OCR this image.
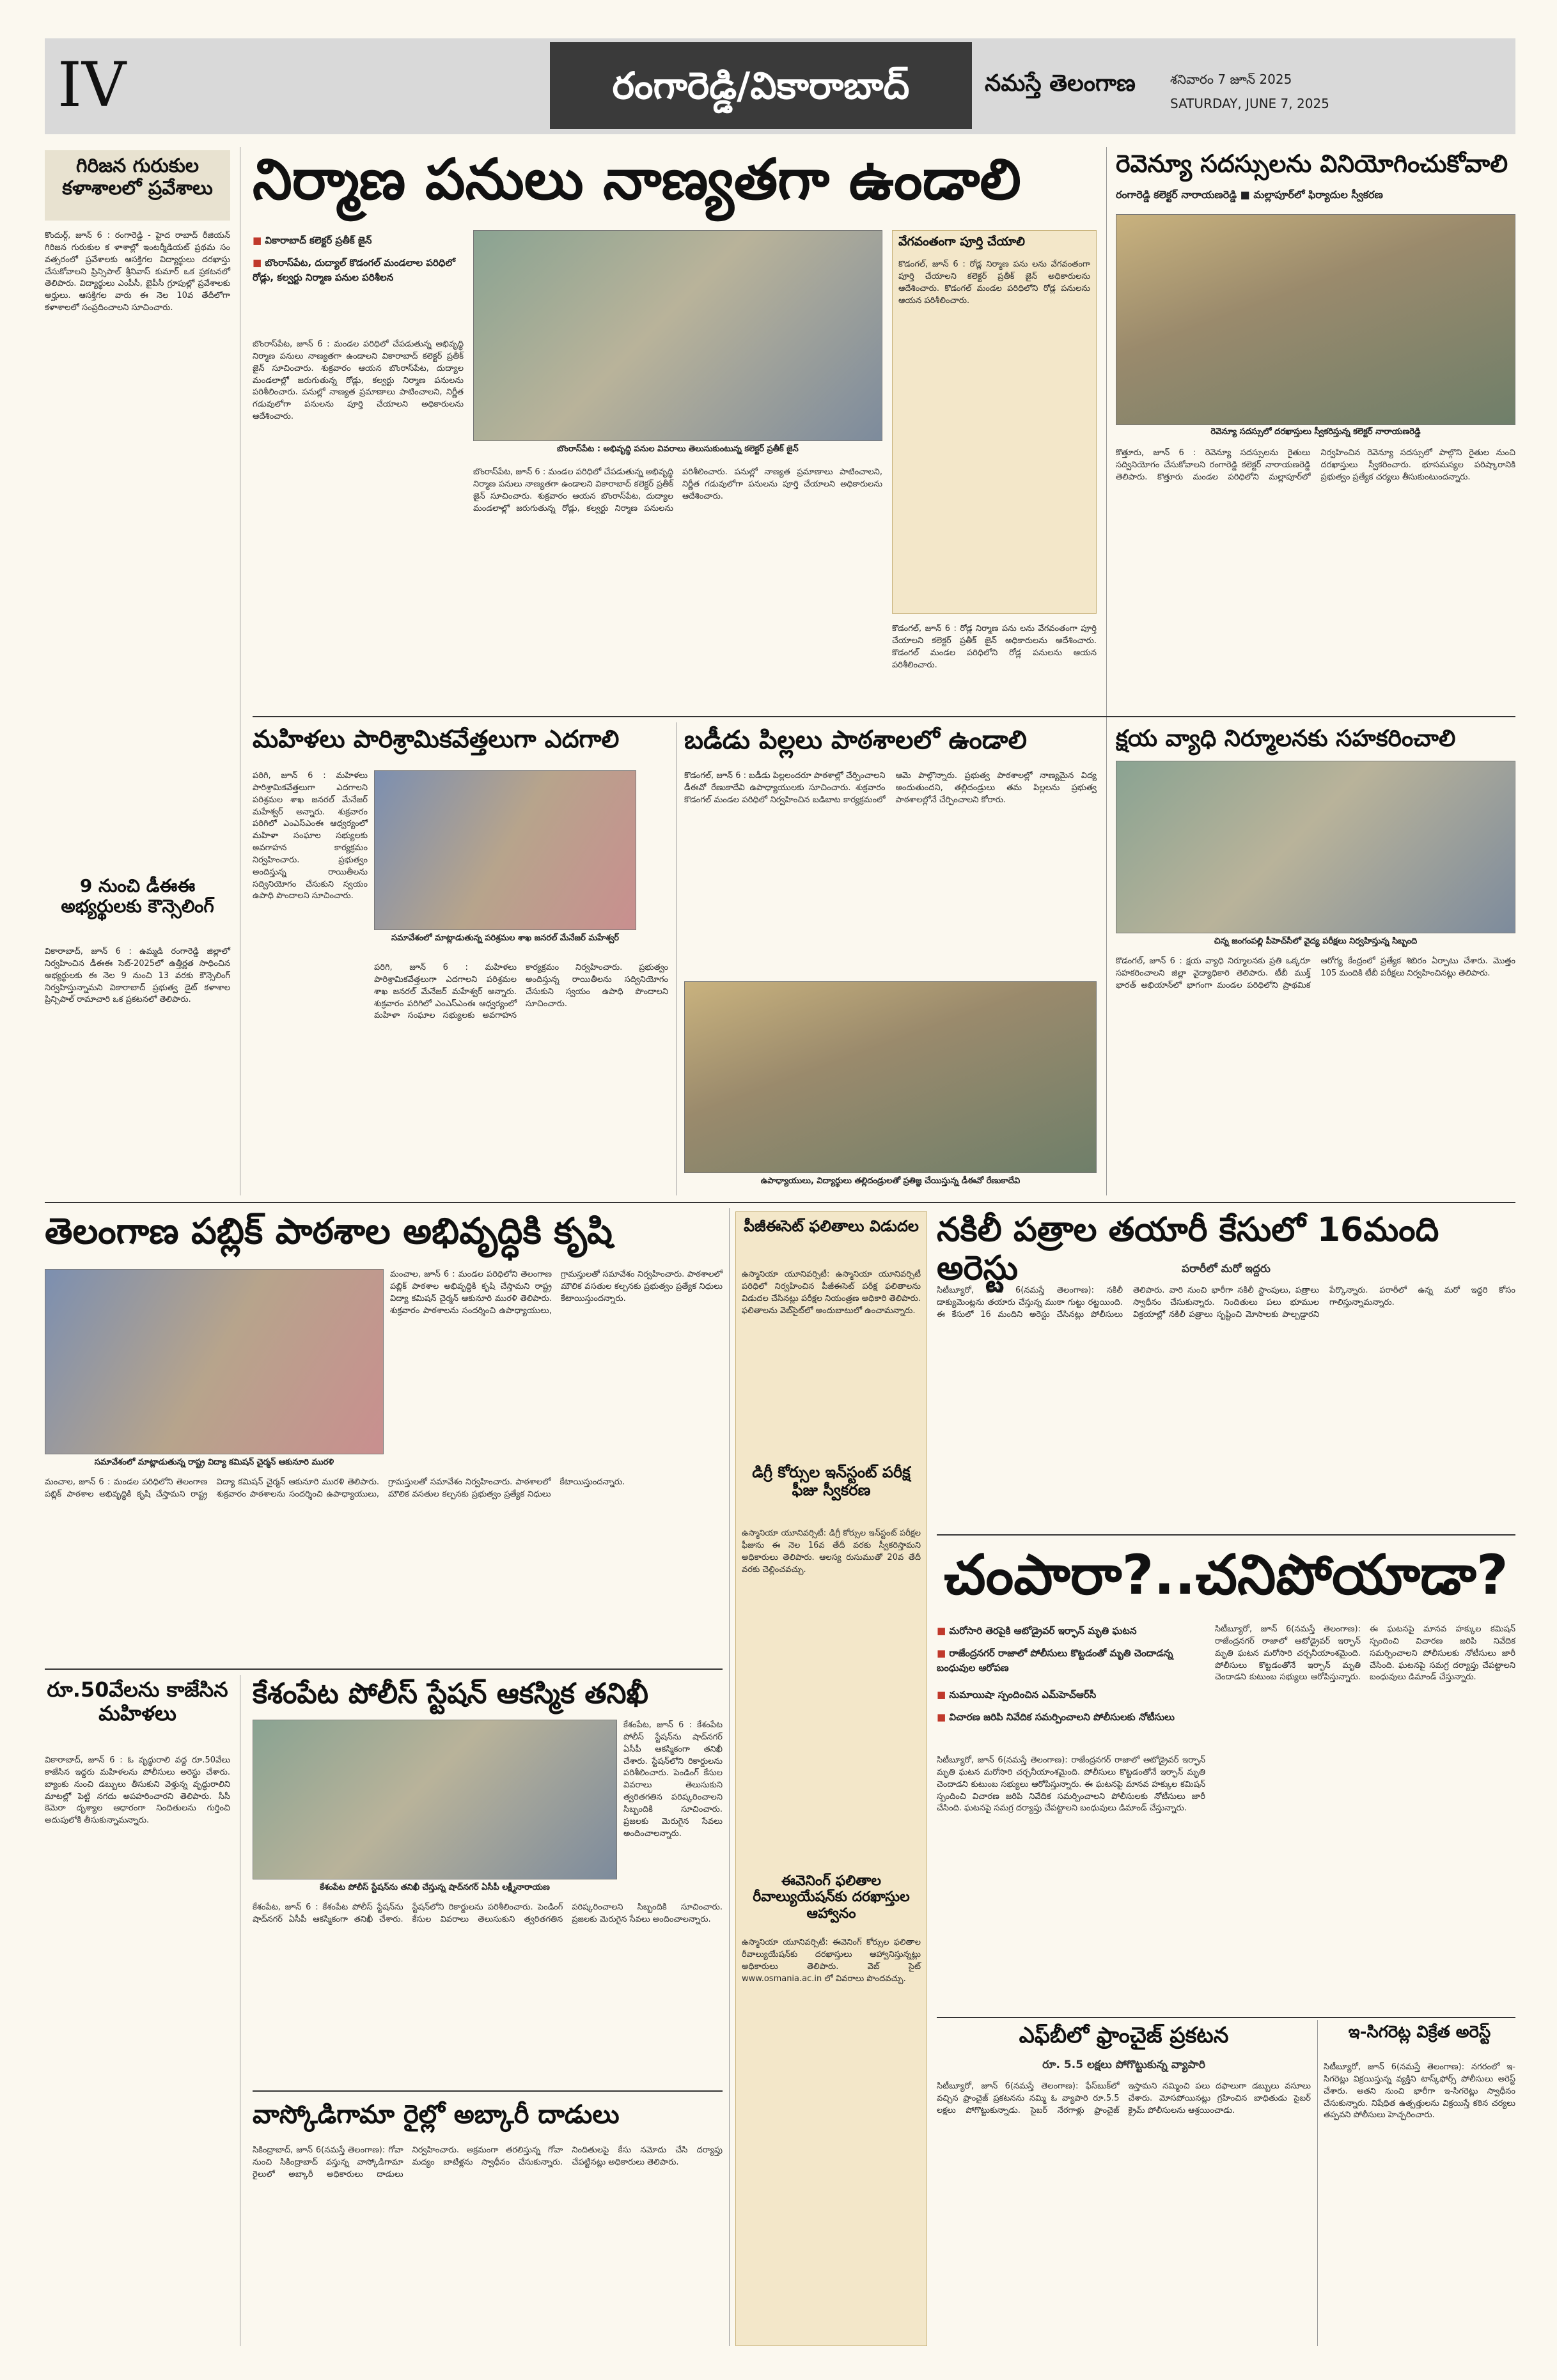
IV	రంగారెడ్డి/వికారాబాద్	నమస్తే తెలంగాణ	శనివారం 7 జూన్ 2025
SATURDAY, JUNE 7, 2025
గిరిజన గురుకుల కళాశాలలో ప్రవేశాలు
కొందుర్గ్, జూన్ 6 : రంగారెడ్డి - హైద రాబాద్ రీజియన్ గిరిజన గురుకుల క ళాశాల్లో ఇంటర్మీడియట్ ప్రథమ సం వత్సరంలో ప్రవేశాలకు ఆసక్తిగల విద్యార్థులు దరఖాస్తు చేసుకోవాలని ప్రిన్సిపాల్ శ్రీనివాస్ కుమార్ ఒక ప్రకటనలో తెలిపారు. విద్యార్థులు ఎంపీసీ, బైపీసీ గ్రూపుల్లో ప్రవేశాలకు అర్హులు. ఆసక్తిగల వారు ఈ నెల 10వ తేదీలోగా కళాశాలలో సంప్రదించాలని సూచించారు.
9 నుంచి డీఈఈ అభ్యర్థులకు కౌన్సెలింగ్
వికారాబాద్, జూన్ 6 : ఉమ్మడి రంగారెడ్డి జిల్లాలో నిర్వహించిన డీఈఈ సెట్-2025లో ఉత్తీర్ణత సాధించిన అభ్యర్థులకు ఈ నెల 9 నుంచి 13 వరకు కౌన్సెలింగ్ నిర్వహిస్తున్నామని వికారాబాద్ ప్రభుత్వ డైట్ కళాశాల ప్రిన్సిపాల్ రామాచారి ఒక ప్రకటనలో తెలిపారు.
నిర్మాణ పనులు నాణ్యతగా ఉండాలి
■ వికారాబాద్ కలెక్టర్ ప్రతీక్ జైన్
■ బొంరాస్‌పేట, దుద్యాల్ కొడంగల్ మండలాల పరిధిలో రోడ్లు, కల్వర్టు నిర్మాణ పనుల పరిశీలన
బొంరాస్‌పేట : అభివృద్ధి పనుల వివరాలు తెలుసుకుంటున్న కలెక్టర్ ప్రతీక్ జైన్
బొంరాస్‌పేట, జూన్ 6 : మండల పరిధిలో చేపడుతున్న అభివృద్ధి నిర్మాణ పనులు నాణ్యతగా ఉండాలని వికారాబాద్ కలెక్టర్ ప్రతీక్ జైన్ సూచించారు. శుక్రవారం ఆయన బొంరాస్‌పేట, దుద్యాల మండలాల్లో జరుగుతున్న రోడ్లు, కల్వర్టు నిర్మాణ పనులను పరిశీలించారు. పనుల్లో నాణ్యత ప్రమాణాలు పాటించాలని, నిర్ణీత గడువులోగా పనులను పూర్తి చేయాలని అధికారులను ఆదేశించారు.
బొంరాస్‌పేట, జూన్ 6 : మండల పరిధిలో చేపడుతున్న అభివృద్ధి నిర్మాణ పనులు నాణ్యతగా ఉండాలని వికారాబాద్ కలెక్టర్ ప్రతీక్ జైన్ సూచించారు. శుక్రవారం ఆయన బొంరాస్‌పేట, దుద్యాల మండలాల్లో జరుగుతున్న రోడ్లు, కల్వర్టు నిర్మాణ పనులను పరిశీలించారు. పనుల్లో నాణ్యత ప్రమాణాలు పాటించాలని, నిర్ణీత గడువులోగా పనులను పూర్తి చేయాలని అధికారులను ఆదేశించారు.
వేగవంతంగా పూర్తి చేయాలి
కొడంగల్, జూన్ 6 : రోడ్ల నిర్మాణ పను లను వేగవంతంగా పూర్తి చేయాలని కలెక్టర్ ప్రతీక్ జైన్ అధికారులను ఆదేశించారు. కొడంగల్ మండల పరిధిలోని రోడ్ల పనులను ఆయన పరిశీలించారు.
కొడంగల్, జూన్ 6 : రోడ్ల నిర్మాణ పను లను వేగవంతంగా పూర్తి చేయాలని కలెక్టర్ ప్రతీక్ జైన్ అధికారులను ఆదేశించారు. కొడంగల్ మండల పరిధిలోని రోడ్ల పనులను ఆయన పరిశీలించారు.
రెవెన్యూ సదస్సులను వినియోగించుకోవాలి
రంగారెడ్డి కలెక్టర్ నారాయణరెడ్డి ■ మల్లాపూర్‌లో ఫిర్యాదుల స్వీకరణ
రెవెన్యూ సదస్సులో దరఖాస్తులు స్వీకరిస్తున్న కలెక్టర్ నారాయణరెడ్డి
కొత్తూరు, జూన్ 6 : రెవెన్యూ సదస్సులను రైతులు సద్వినియోగం చేసుకోవాలని రంగారెడ్డి కలెక్టర్ నారాయణరెడ్డి తెలిపారు. కొత్తూరు మండల పరిధిలోని మల్లాపూర్‌లో నిర్వహించిన రెవెన్యూ సదస్సులో పాల్గొని రైతుల నుంచి దరఖాస్తులు స్వీకరించారు. భూసమస్యల పరిష్కారానికి ప్రభుత్వం ప్రత్యేక చర్యలు తీసుకుంటుందన్నారు.
మహిళలు పారిశ్రామికవేత్తలుగా ఎదగాలి
పరిగి, జూన్ 6 : మహిళలు పారిశ్రామికవేత్తలుగా ఎదగాలని పరిశ్రమల శాఖ జనరల్ మేనేజర్ మహేశ్వర్ అన్నారు. శుక్రవారం పరిగిలో ఎంఎస్ఎంఈ ఆధ్వర్యంలో మహిళా సంఘాల సభ్యులకు అవగాహన కార్యక్రమం నిర్వహించారు. ప్రభుత్వం అందిస్తున్న రాయితీలను సద్వినియోగం చేసుకుని స్వయం ఉపాధి పొందాలని సూచించారు.
సమావేశంలో మాట్లాడుతున్న పరిశ్రమల శాఖ జనరల్ మేనేజర్ మహేశ్వర్
పరిగి, జూన్ 6 : మహిళలు పారిశ్రామికవేత్తలుగా ఎదగాలని పరిశ్రమల శాఖ జనరల్ మేనేజర్ మహేశ్వర్ అన్నారు. శుక్రవారం పరిగిలో ఎంఎస్ఎంఈ ఆధ్వర్యంలో మహిళా సంఘాల సభ్యులకు అవగాహన కార్యక్రమం నిర్వహించారు. ప్రభుత్వం అందిస్తున్న రాయితీలను సద్వినియోగం చేసుకుని స్వయం ఉపాధి పొందాలని సూచించారు.
బడీడు పిల్లలు పాఠశాలలో ఉండాలి
కొడంగల్, జూన్ 6 : బడీడు పిల్లలందరూ పాఠశాల్లో చేర్పించాలని డీఈవో రేణుకాదేవి ఉపాధ్యాయులకు సూచించారు. శుక్రవారం కొడంగల్ మండల పరిధిలో నిర్వహించిన బడిబాట కార్యక్రమంలో ఆమె పాల్గొన్నారు. ప్రభుత్వ పాఠశాలల్లో నాణ్యమైన విద్య అందుతుందని, తల్లిదండ్రులు తమ పిల్లలను ప్రభుత్వ పాఠశాలల్లోనే చేర్పించాలని కోరారు.
ఉపాధ్యాయులు, విద్యార్థులు తల్లిదండ్రులతో ప్రతిజ్ఞ చేయిస్తున్న డీఈవో రేణుకాదేవి
క్షయ వ్యాధి నిర్మూలనకు సహకరించాలి
చిన్న జంగంపల్లి పీహెచ్‌సీలో వైద్య పరీక్షలు నిర్వహిస్తున్న సిబ్బంది
కొడంగల్, జూన్ 6 : క్షయ వ్యాధి నిర్మూలనకు ప్రతి ఒక్కరూ సహకరించాలని జిల్లా వైద్యాధికారి తెలిపారు. టీబీ ముక్త్ భారత్ అభియాన్‌లో భాగంగా మండల పరిధిలోని ప్రాథమిక ఆరోగ్య కేంద్రంలో ప్రత్యేక శిబిరం ఏర్పాటు చేశారు. మొత్తం 105 మందికి టీబీ పరీక్షలు నిర్వహించినట్లు తెలిపారు.
తెలంగాణ పబ్లిక్ పాఠశాల అభివృద్ధికి కృషి
సమావేశంలో మాట్లాడుతున్న రాష్ట్ర విద్యా కమిషన్ చైర్మన్ ఆకునూరి మురళి
మంచాల, జూన్ 6 : మండల పరిధిలోని తెలంగాణ పబ్లిక్ పాఠశాల అభివృద్ధికి కృషి చేస్తామని రాష్ట్ర విద్యా కమిషన్ చైర్మన్ ఆకునూరి మురళి తెలిపారు. శుక్రవారం పాఠశాలను సందర్శించి ఉపాధ్యాయులు, గ్రామస్తులతో సమావేశం నిర్వహించారు. పాఠశాలలో మౌలిక వసతుల కల్పనకు ప్రభుత్వం ప్రత్యేక నిధులు కేటాయిస్తుందన్నారు.
మంచాల, జూన్ 6 : మండల పరిధిలోని తెలంగాణ పబ్లిక్ పాఠశాల అభివృద్ధికి కృషి చేస్తామని రాష్ట్ర విద్యా కమిషన్ చైర్మన్ ఆకునూరి మురళి తెలిపారు. శుక్రవారం పాఠశాలను సందర్శించి ఉపాధ్యాయులు, గ్రామస్తులతో సమావేశం నిర్వహించారు. పాఠశాలలో మౌలిక వసతుల కల్పనకు ప్రభుత్వం ప్రత్యేక నిధులు కేటాయిస్తుందన్నారు.
పీజీఈసెట్ ఫలితాలు విడుదల
ఉస్మానియా యూనివర్సిటీ: ఉస్మానియా యూనివర్సిటీ పరిధిలో నిర్వహించిన పీజీఈసెట్ పరీక్ష ఫలితాలను విడుదల చేసినట్లు పరీక్షల నియంత్రణ అధికారి తెలిపారు. ఫలితాలను వెబ్‌సైట్‌లో అందుబాటులో ఉంచామన్నారు.
డిగ్రీ కోర్సుల ఇన్‌స్టంట్ పరీక్ష ఫీజు స్వీకరణ
ఉస్మానియా యూనివర్సిటీ: డిగ్రీ కోర్సుల ఇన్‌స్టంట్ పరీక్షల ఫీజును ఈ నెల 16వ తేదీ వరకు స్వీకరిస్తామని అధికారులు తెలిపారు. ఆలస్య రుసుముతో 20వ తేదీ వరకు చెల్లించవచ్చు.
ఈవెనింగ్ ఫలితాల రీవాల్యుయేషన్‌కు దరఖాస్తుల ఆహ్వానం
ఉస్మానియా యూనివర్సిటీ: ఈవెనింగ్ కోర్సుల ఫలితాల రీవాల్యుయేషన్‌కు దరఖాస్తులు ఆహ్వానిస్తున్నట్లు అధికారులు తెలిపారు. వెబ్ సైట్ www.osmania.ac.in లో వివరాలు పొందవచ్చు.
నకిలీ పత్రాల తయారీ కేసులో 16మంది అరెస్టు	పరారీలో మరో ఇద్దరు
సిటీబ్యూరో, జూన్ 6(నమస్తే తెలంగాణ): నకిలీ డాక్యుమెంట్లను తయారు చేస్తున్న ముఠా గుట్టు రట్టయింది. ఈ కేసులో 16 మందిని అరెస్టు చేసినట్లు పోలీసులు తెలిపారు. వారి నుంచి భారీగా నకిలీ స్టాంపులు, పత్రాలు స్వాధీనం చేసుకున్నారు. నిందితులు పలు భూముల విక్రయాల్లో నకిలీ పత్రాలు సృష్టించి మోసాలకు పాల్పడ్డారని పేర్కొన్నారు. పరారీలో ఉన్న మరో ఇద్దరి కోసం గాలిస్తున్నామన్నారు.
చంపారా?..చనిపోయాడా?
■ మరోసారి తెరపైకి ఆటోడ్రైవర్ ఇర్ఫాన్ మృతి ఘటన
■ రాజేంద్రనగర్ రాజాలో పోలీసులు కొట్టడంతో మృతి చెందాడన్న బంధువుల ఆరోపణ
■ నుమాయిషా స్పందించిన ఎమ్‌హెచ్‌ఆర్‌సీ
■ విచారణ జరిపి నివేదిక సమర్పించాలని పోలీసులకు నోటీసులు
సిటీబ్యూరో, జూన్ 6(నమస్తే తెలంగాణ): రాజేంద్రనగర్ రాజాలో ఆటోడ్రైవర్ ఇర్ఫాన్ మృతి ఘటన మరోసారి చర్చనీయాంశమైంది. పోలీసులు కొట్టడంతోనే ఇర్ఫాన్ మృతి చెందాడని కుటుంబ సభ్యులు ఆరోపిస్తున్నారు. ఈ ఘటనపై మానవ హక్కుల కమిషన్ స్పందించి విచారణ జరిపి నివేదిక సమర్పించాలని పోలీసులకు నోటీసులు జారీ చేసింది. ఘటనపై సమగ్ర దర్యాప్తు చేపట్టాలని బంధువులు డిమాండ్ చేస్తున్నారు.
సిటీబ్యూరో, జూన్ 6(నమస్తే తెలంగాణ): రాజేంద్రనగర్ రాజాలో ఆటోడ్రైవర్ ఇర్ఫాన్ మృతి ఘటన మరోసారి చర్చనీయాంశమైంది. పోలీసులు కొట్టడంతోనే ఇర్ఫాన్ మృతి చెందాడని కుటుంబ సభ్యులు ఆరోపిస్తున్నారు. ఈ ఘటనపై మానవ హక్కుల కమిషన్ స్పందించి విచారణ జరిపి నివేదిక సమర్పించాలని పోలీసులకు నోటీసులు జారీ చేసింది. ఘటనపై సమగ్ర దర్యాప్తు చేపట్టాలని బంధువులు డిమాండ్ చేస్తున్నారు.
రూ.50వేలను కాజేసిన మహిళలు
వికారాబాద్, జూన్ 6 : ఓ వృద్ధురాలి వద్ద రూ.50వేలు కాజేసిన ఇద్దరు మహిళలను పోలీసులు అరెస్టు చేశారు. బ్యాంకు నుంచి డబ్బులు తీసుకుని వెళ్తున్న వృద్ధురాలిని మాటల్లో పెట్టి నగదు అపహరించారని తెలిపారు. సీసీ కెమెరా దృశ్యాల ఆధారంగా నిందితులను గుర్తించి అదుపులోకి తీసుకున్నామన్నారు.
కేశంపేట పోలీస్ స్టేషన్ ఆకస్మిక తనిఖీ
కేశంపేట పోలీస్ స్టేషన్‌ను తనిఖీ చేస్తున్న షాద్‌నగర్ ఏసీపీ లక్ష్మీనారాయణ
కేశంపేట, జూన్ 6 : కేశంపేట పోలీస్ స్టేషన్‌ను షాద్‌నగర్ ఏసీపీ ఆకస్మికంగా తనిఖీ చేశారు. స్టేషన్‌లోని రికార్డులను పరిశీలించారు. పెండింగ్ కేసుల వివరాలు తెలుసుకుని త్వరితగతిన పరిష్కరించాలని సిబ్బందికి సూచించారు. ప్రజలకు మెరుగైన సేవలు అందించాలన్నారు.
కేశంపేట, జూన్ 6 : కేశంపేట పోలీస్ స్టేషన్‌ను షాద్‌నగర్ ఏసీపీ ఆకస్మికంగా తనిఖీ చేశారు. స్టేషన్‌లోని రికార్డులను పరిశీలించారు. పెండింగ్ కేసుల వివరాలు తెలుసుకుని త్వరితగతిన పరిష్కరించాలని సిబ్బందికి సూచించారు. ప్రజలకు మెరుగైన సేవలు అందించాలన్నారు.
వాస్కోడిగామా రైల్లో అబ్కారీ దాడులు
సికింద్రాబాద్, జూన్ 6(నమస్తే తెలంగాణ): గోవా నుంచి సికింద్రాబాద్ వస్తున్న వాస్కోడిగామా రైలులో అబ్కారీ అధికారులు దాడులు నిర్వహించారు. అక్రమంగా తరలిస్తున్న గోవా మద్యం బాటిళ్లను స్వాధీనం చేసుకున్నారు. నిందితులపై కేసు నమోదు చేసి దర్యాప్తు చేపట్టినట్లు అధికారులు తెలిపారు.
ఎఫ్‌బీలో ఫ్రాంచైజ్ ప్రకటన
రూ. 5.5 లక్షలు పోగొట్టుకున్న వ్యాపారి
సిటీబ్యూరో, జూన్ 6(నమస్తే తెలంగాణ): ఫేస్‌బుక్‌లో వచ్చిన ఫ్రాంచైజ్ ప్రకటనను నమ్మి ఓ వ్యాపారి రూ.5.5 లక్షలు పోగొట్టుకున్నాడు. సైబర్ నేరగాళ్లు ఫ్రాంచైజ్ ఇస్తామని నమ్మించి పలు దఫాలుగా డబ్బులు వసూలు చేశారు. మోసపోయినట్లు గ్రహించిన బాధితుడు సైబర్ క్రైమ్ పోలీసులను ఆశ్రయించాడు.
ఇ-సిగరెట్ల విక్రేత అరెస్ట్
సిటీబ్యూరో, జూన్ 6(నమస్తే తెలంగాణ): నగరంలో ఇ-సిగరెట్లు విక్రయిస్తున్న వ్యక్తిని టాస్క్‌ఫోర్స్ పోలీసులు అరెస్ట్ చేశారు. అతని నుంచి భారీగా ఇ-సిగరెట్లు స్వాధీనం చేసుకున్నారు. నిషేధిత ఉత్పత్తులను విక్రయిస్తే కఠిన చర్యలు తప్పవని పోలీసులు హెచ్చరించారు.
